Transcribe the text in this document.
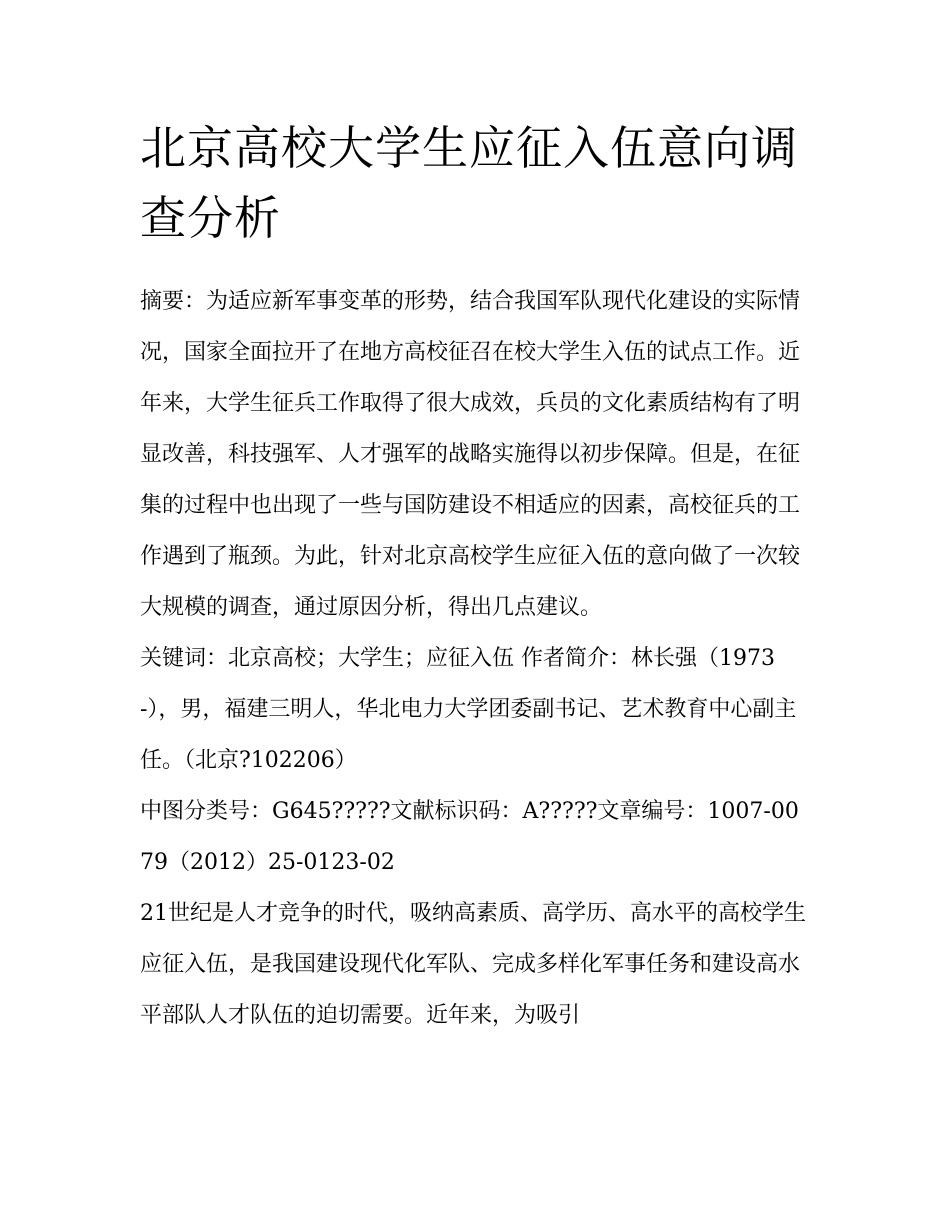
北京高校大学生应征入伍意向调查分析

摘要：为适应新军事变革的形势，结合我国军队现代化建设的实际情况，国家全面拉开了在地方高校征召在校大学生入伍的试点工作。近年来，大学生征兵工作取得了很大成效，兵员的文化素质结构有了明显改善，科技强军、人才强军的战略实施得以初步保障。但是，在征集的过程中也出现了一些与国防建设不相适应的因素，高校征兵的工作遇到了瓶颈。为此，针对北京高校学生应征入伍的意向做了一次较大规模的调查，通过原因分析，得出几点建议。

关键词：北京高校；大学生；应征入伍 作者简介：林长强（1973-），男，福建三明人，华北电力大学团委副书记、艺术教育中心副主任。（北京?102206）

中图分类号：G645?????文献标识码：A?????文章编号：1007-0079（2012）25-0123-02

21世纪是人才竞争的时代，吸纳高素质、高学历、高水平的高校学生应征入伍，是我国建设现代化军队、完成多样化军事任务和建设高水平部队人才队伍的迫切需要。近年来，为吸引
